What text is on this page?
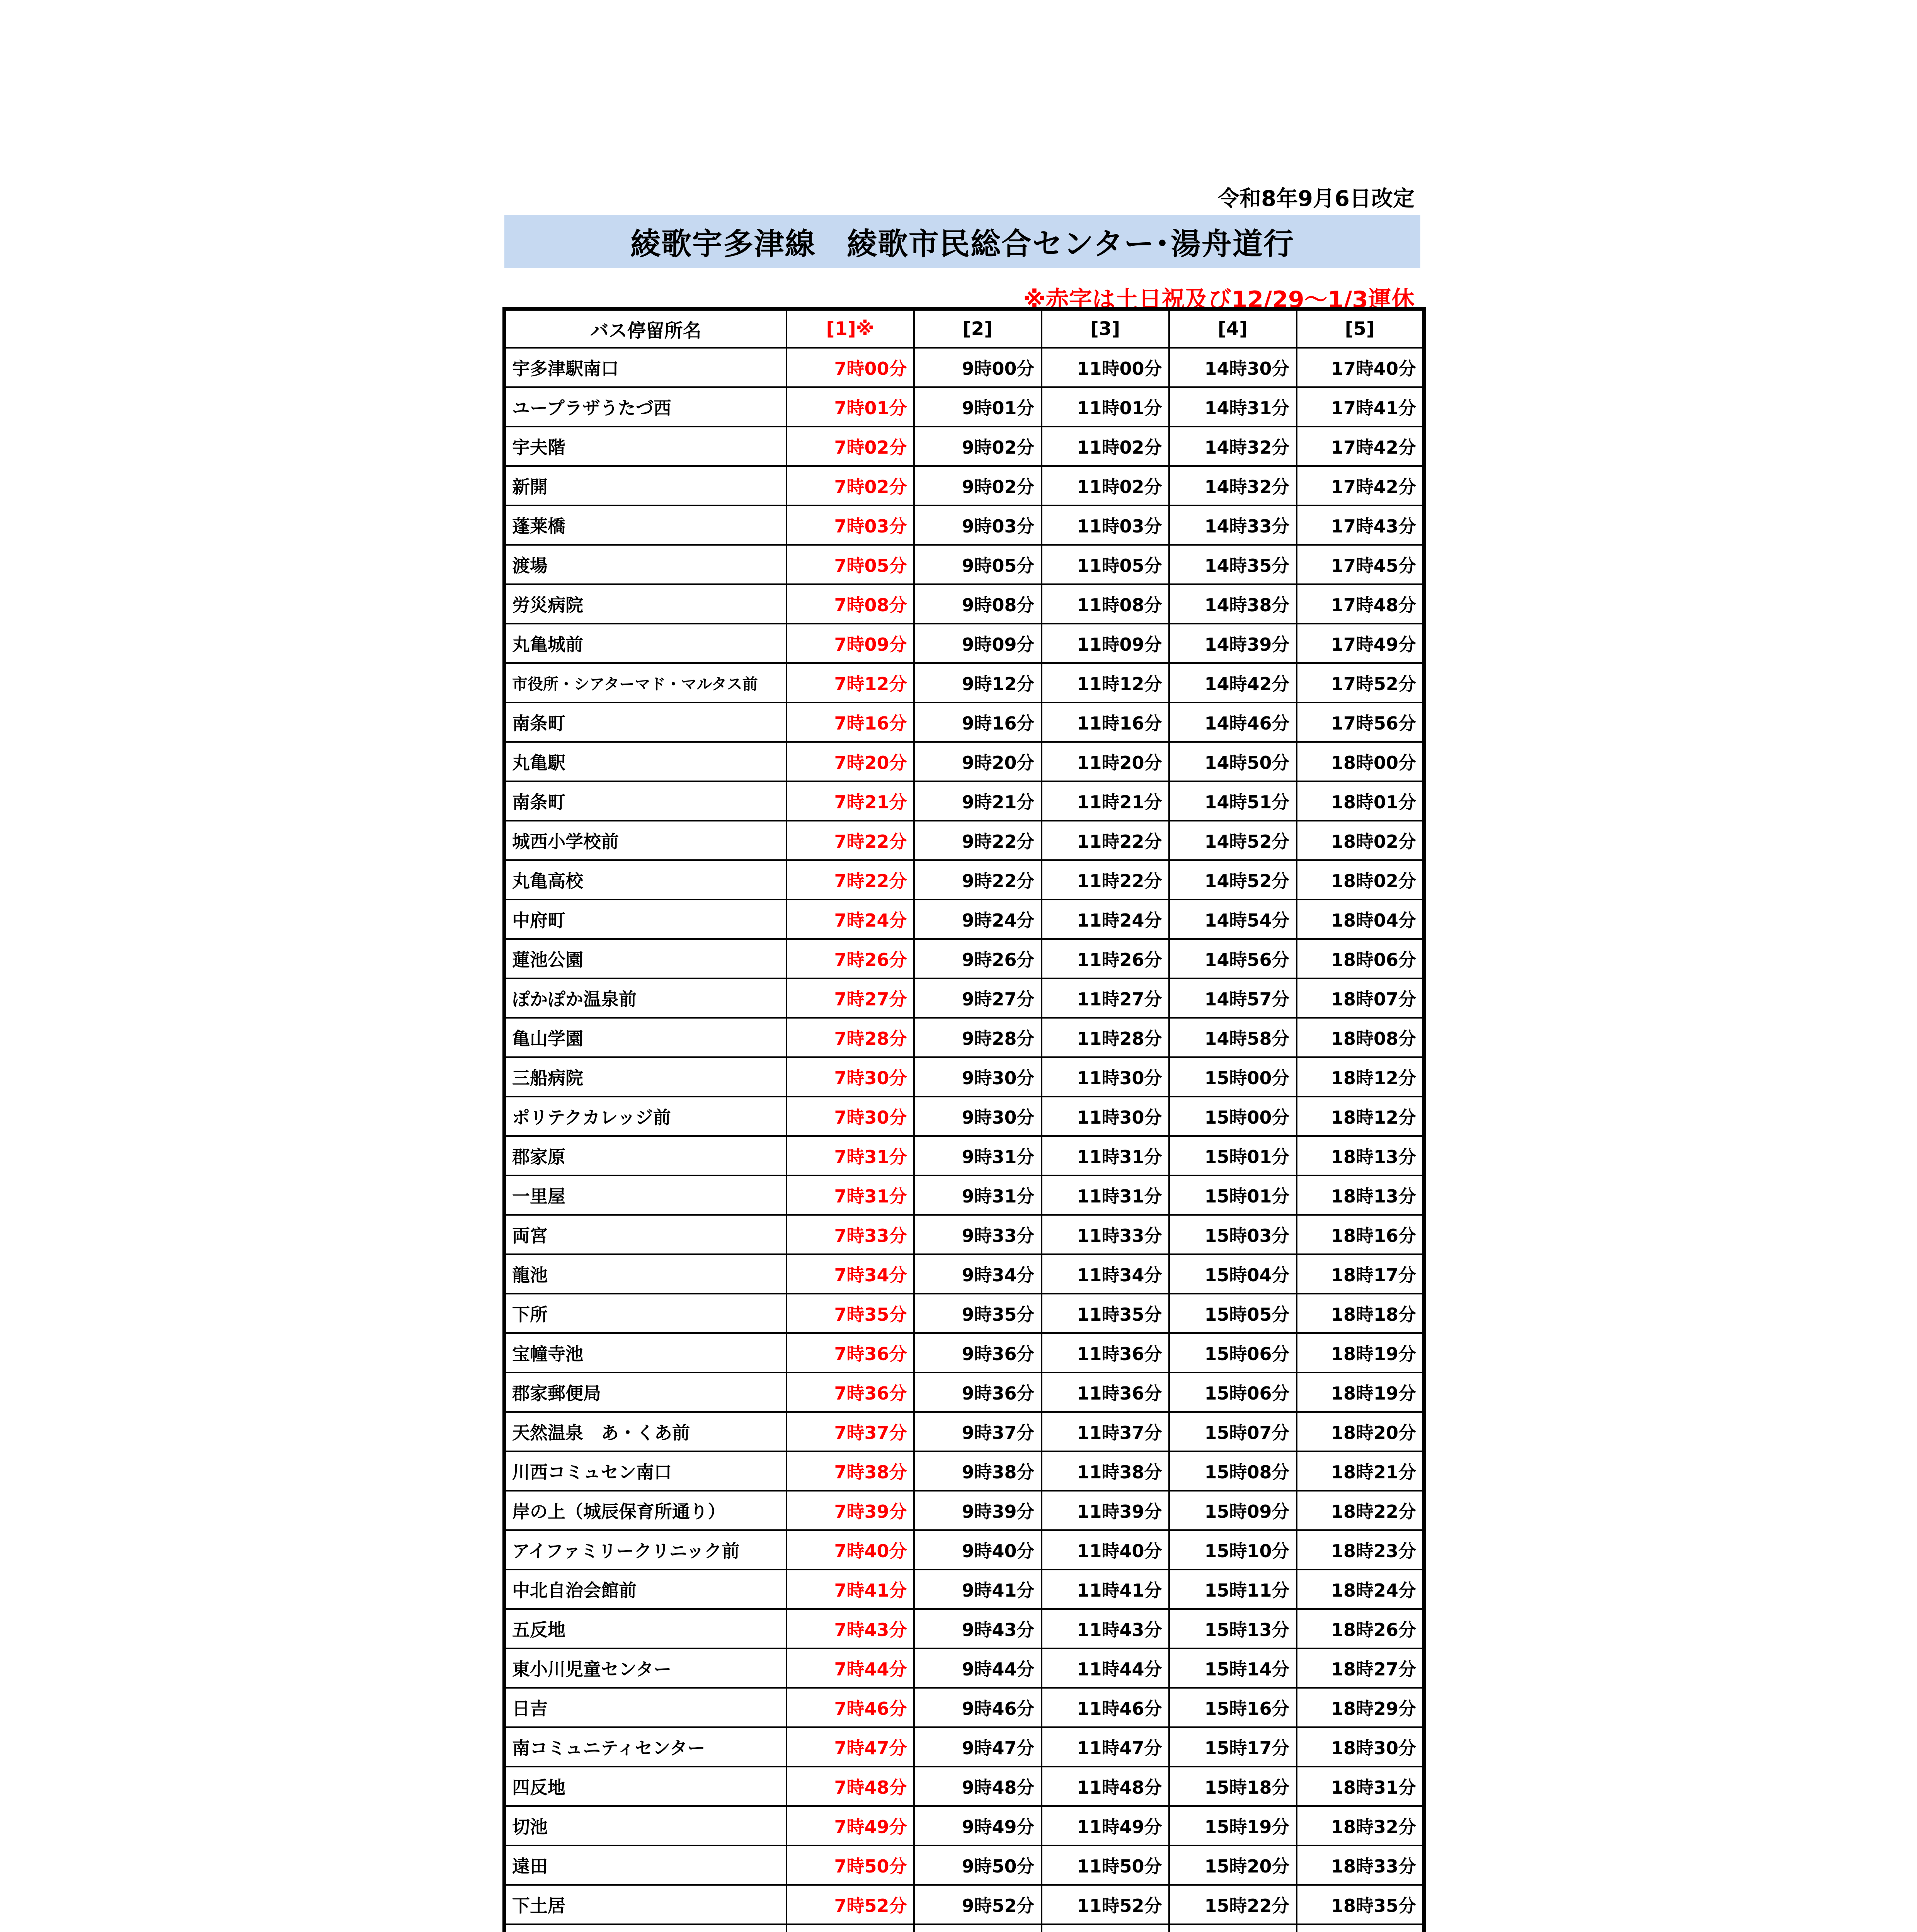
令和8年9月6日改定
綾歌宇多津線　綾歌市民総合センター･湯舟道行
※赤字は土日祝及び12/29～1/3運休
バス停留所名	[1]※	[2]	[3]	[4]	[5]
宇多津駅南口	7時00分	9時00分	11時00分	14時30分	17時40分
ユープラザうたづ西	7時01分	9時01分	11時01分	14時31分	17時41分
宇夫階	7時02分	9時02分	11時02分	14時32分	17時42分
新開	7時02分	9時02分	11時02分	14時32分	17時42分
蓬莱橋	7時03分	9時03分	11時03分	14時33分	17時43分
渡場	7時05分	9時05分	11時05分	14時35分	17時45分
労災病院	7時08分	9時08分	11時08分	14時38分	17時48分
丸亀城前	7時09分	9時09分	11時09分	14時39分	17時49分
市役所・シアターマド・マルタス前	7時12分	9時12分	11時12分	14時42分	17時52分
南条町	7時16分	9時16分	11時16分	14時46分	17時56分
丸亀駅	7時20分	9時20分	11時20分	14時50分	18時00分
南条町	7時21分	9時21分	11時21分	14時51分	18時01分
城西小学校前	7時22分	9時22分	11時22分	14時52分	18時02分
丸亀高校	7時22分	9時22分	11時22分	14時52分	18時02分
中府町	7時24分	9時24分	11時24分	14時54分	18時04分
蓮池公園	7時26分	9時26分	11時26分	14時56分	18時06分
ぽかぽか温泉前	7時27分	9時27分	11時27分	14時57分	18時07分
亀山学園	7時28分	9時28分	11時28分	14時58分	18時08分
三船病院	7時30分	9時30分	11時30分	15時00分	18時12分
ポリテクカレッジ前	7時30分	9時30分	11時30分	15時00分	18時12分
郡家原	7時31分	9時31分	11時31分	15時01分	18時13分
一里屋	7時31分	9時31分	11時31分	15時01分	18時13分
両宮	7時33分	9時33分	11時33分	15時03分	18時16分
龍池	7時34分	9時34分	11時34分	15時04分	18時17分
下所	7時35分	9時35分	11時35分	15時05分	18時18分
宝幢寺池	7時36分	9時36分	11時36分	15時06分	18時19分
郡家郵便局	7時36分	9時36分	11時36分	15時06分	18時19分
天然温泉　あ・くあ前	7時37分	9時37分	11時37分	15時07分	18時20分
川西コミュセン南口	7時38分	9時38分	11時38分	15時08分	18時21分
岸の上（城辰保育所通り）	7時39分	9時39分	11時39分	15時09分	18時22分
アイファミリークリニック前	7時40分	9時40分	11時40分	15時10分	18時23分
中北自治会館前	7時41分	9時41分	11時41分	15時11分	18時24分
五反地	7時43分	9時43分	11時43分	15時13分	18時26分
東小川児童センター	7時44分	9時44分	11時44分	15時14分	18時27分
日吉	7時46分	9時46分	11時46分	15時16分	18時29分
南コミュニティセンター	7時47分	9時47分	11時47分	15時17分	18時30分
四反地	7時48分	9時48分	11時48分	15時18分	18時31分
切池	7時49分	9時49分	11時49分	15時19分	18時32分
遠田	7時50分	9時50分	11時50分	15時20分	18時33分
下土居	7時52分	9時52分	11時52分	15時22分	18時35分
